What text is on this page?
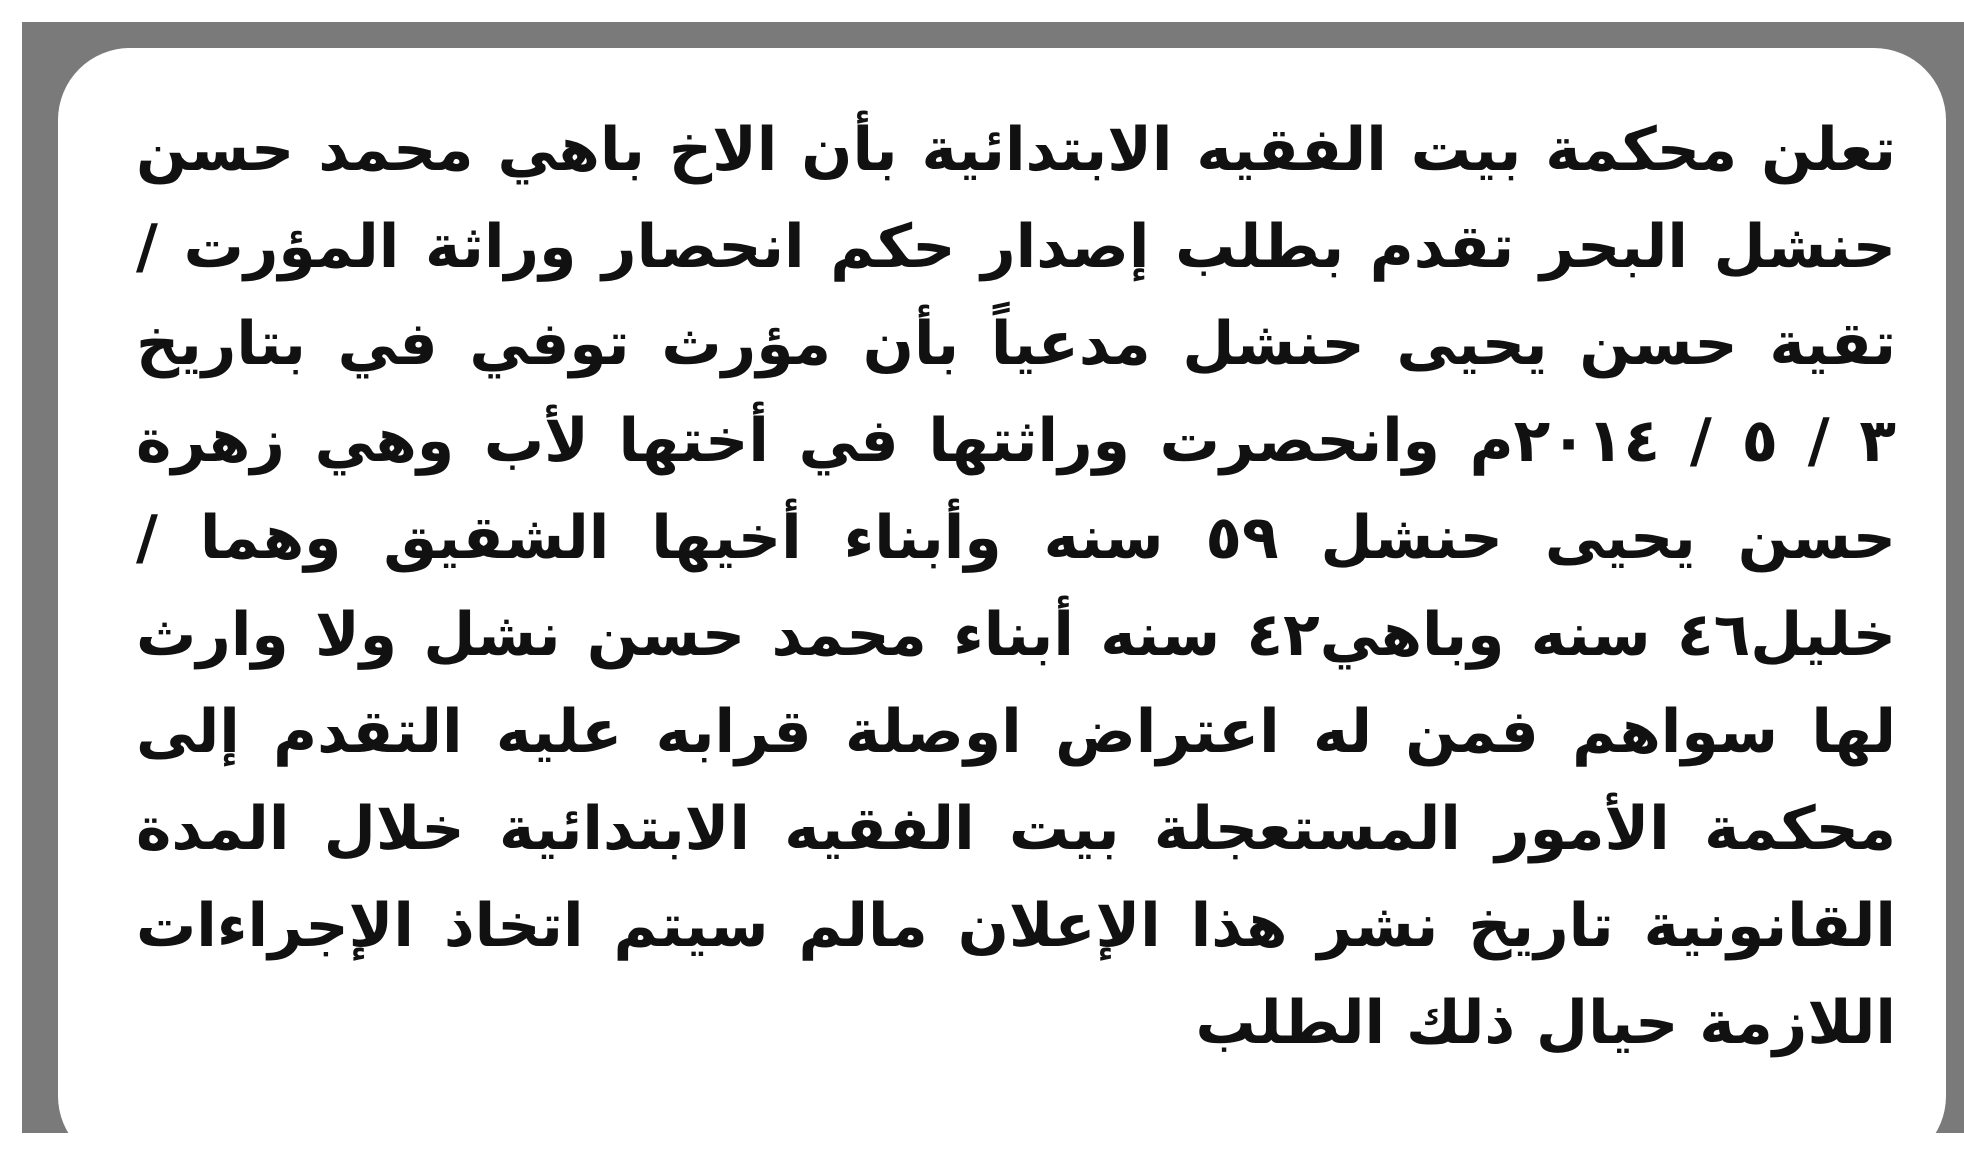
تعلن محكمة بيت الفقيه الابتدائية بأن الاخ باهي محمد حسن
حنشل البحر تقدم بطلب إصدار حكم انحصار وراثة المؤرت /
تقية حسن يحيى حنشل مدعياً بأن مؤرث توفي في بتاريخ
٣ / ٥ / ٢٠١٤م وانحصرت وراثتها في أختها لأب وهي زهرة
حسن يحيى حنشل ٥٩ سنه وأبناء أخيها الشقيق وهما /
خليل٤٦ سنه وباهي٤٢ سنه أبناء محمد حسن نشل ولا وارث
لها سواهم فمن له اعتراض اوصلة قرابه عليه التقدم إلى
محكمة الأمور المستعجلة بيت الفقيه الابتدائية خلال المدة
القانونية تاريخ نشر هذا الإعلان مالم سيتم اتخاذ الإجراءات
اللازمة حيال ذلك الطلب
